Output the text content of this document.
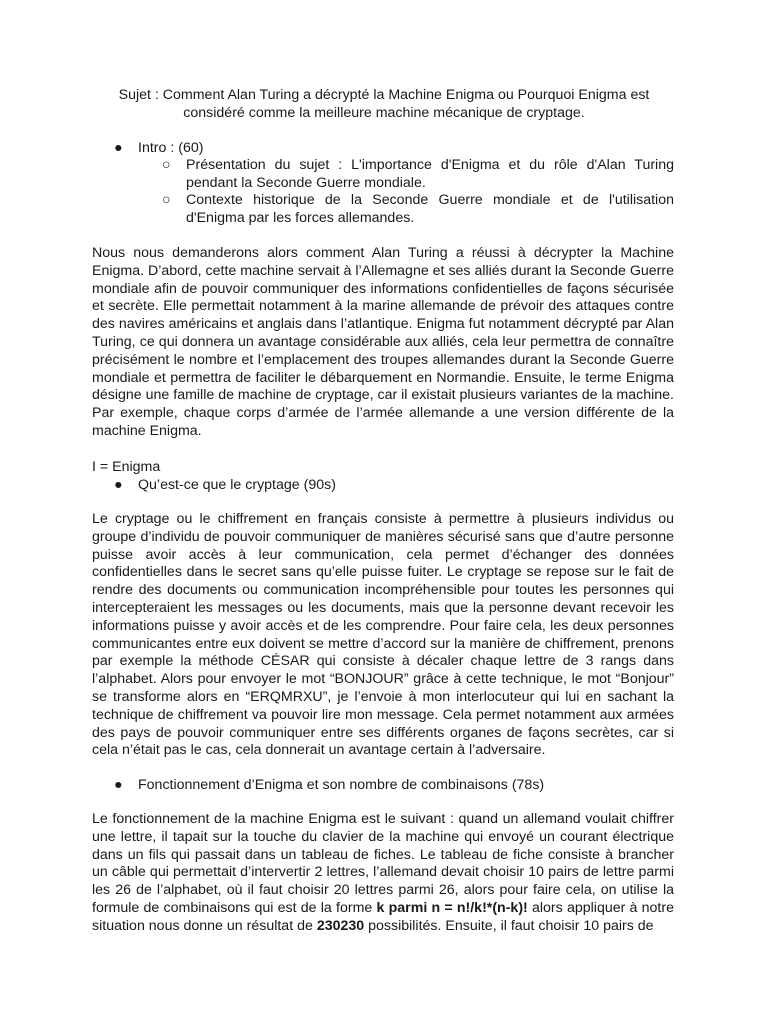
Sujet : Comment Alan Turing a décrypté la Machine Enigma ou Pourquoi Enigma est
considéré comme la meilleure machine mécanique de cryptage.
● Intro : (60)
○ Présentation du sujet : L'importance d'Enigma et du rôle d'Alan Turing pendant la Seconde Guerre mondiale.
○ Contexte historique de la Seconde Guerre mondiale et de l'utilisation d'Enigma par les forces allemandes.

Nous nous demanderons alors comment Alan Turing a réussi à décrypter la Machine Enigma. D’abord, cette machine servait à l’Allemagne et ses alliés durant la Seconde Guerre mondiale afin de pouvoir communiquer des informations confidentielles de façons sécurisée et secrète. Elle permettait notamment à la marine allemande de prévoir des attaques contre des navires américains et anglais dans l’atlantique. Enigma fut notamment décrypté par Alan Turing, ce qui donnera un avantage considérable aux alliés, cela leur permettra de connaître précisément le nombre et l’emplacement des troupes allemandes durant la Seconde Guerre mondiale et permettra de faciliter le débarquement en Normandie. Ensuite, le terme Enigma désigne une famille de machine de cryptage, car il existait plusieurs variantes de la machine. Par exemple, chaque corps d’armée de l’armée allemande a une version différente de la machine Enigma.

I = Enigma
● Qu’est-ce que le cryptage (90s)

Le cryptage ou le chiffrement en français consiste à permettre à plusieurs individus ou groupe d’individu de pouvoir communiquer de manières sécurisé sans que d’autre personne puisse avoir accès à leur communication, cela permet d’échanger des données confidentielles dans le secret sans qu’elle puisse fuiter. Le cryptage se repose sur le fait de rendre des documents ou communication incompréhensible pour toutes les personnes qui intercepteraient les messages ou les documents, mais que la personne devant recevoir les informations puisse y avoir accès et de les comprendre. Pour faire cela, les deux personnes communicantes entre eux doivent se mettre d’accord sur la manière de chiffrement, prenons par exemple la méthode CÉSAR qui consiste à décaler chaque lettre de 3 rangs dans l’alphabet. Alors pour envoyer le mot “BONJOUR” grâce à cette technique, le mot “Bonjour” se transforme alors en “ERQMRXU”, je l’envoie à mon interlocuteur qui lui en sachant la technique de chiffrement va pouvoir lire mon message. Cela permet notamment aux armées des pays de pouvoir communiquer entre ses différents organes de façons secrètes, car si cela n’était pas le cas, cela donnerait un avantage certain à l’adversaire.

● Fonctionnement d’Enigma et son nombre de combinaisons (78s)

Le fonctionnement de la machine Enigma est le suivant : quand un allemand voulait chiffrer une lettre, il tapait sur la touche du clavier de la machine qui envoyé un courant électrique dans un fils qui passait dans un tableau de fiches. Le tableau de fiche consiste à brancher un câble qui permettait d’intervertir 2 lettres, l’allemand devait choisir 10 pairs de lettre parmi les 26 de l’alphabet, où il faut choisir 20 lettres parmi 26, alors pour faire cela, on utilise la formule de combinaisons qui est de la forme k parmi n = n!/k!*(n-k)! alors appliquer à notre situation nous donne un résultat de 230230 possibilités. Ensuite, il faut choisir 10 pairs de
